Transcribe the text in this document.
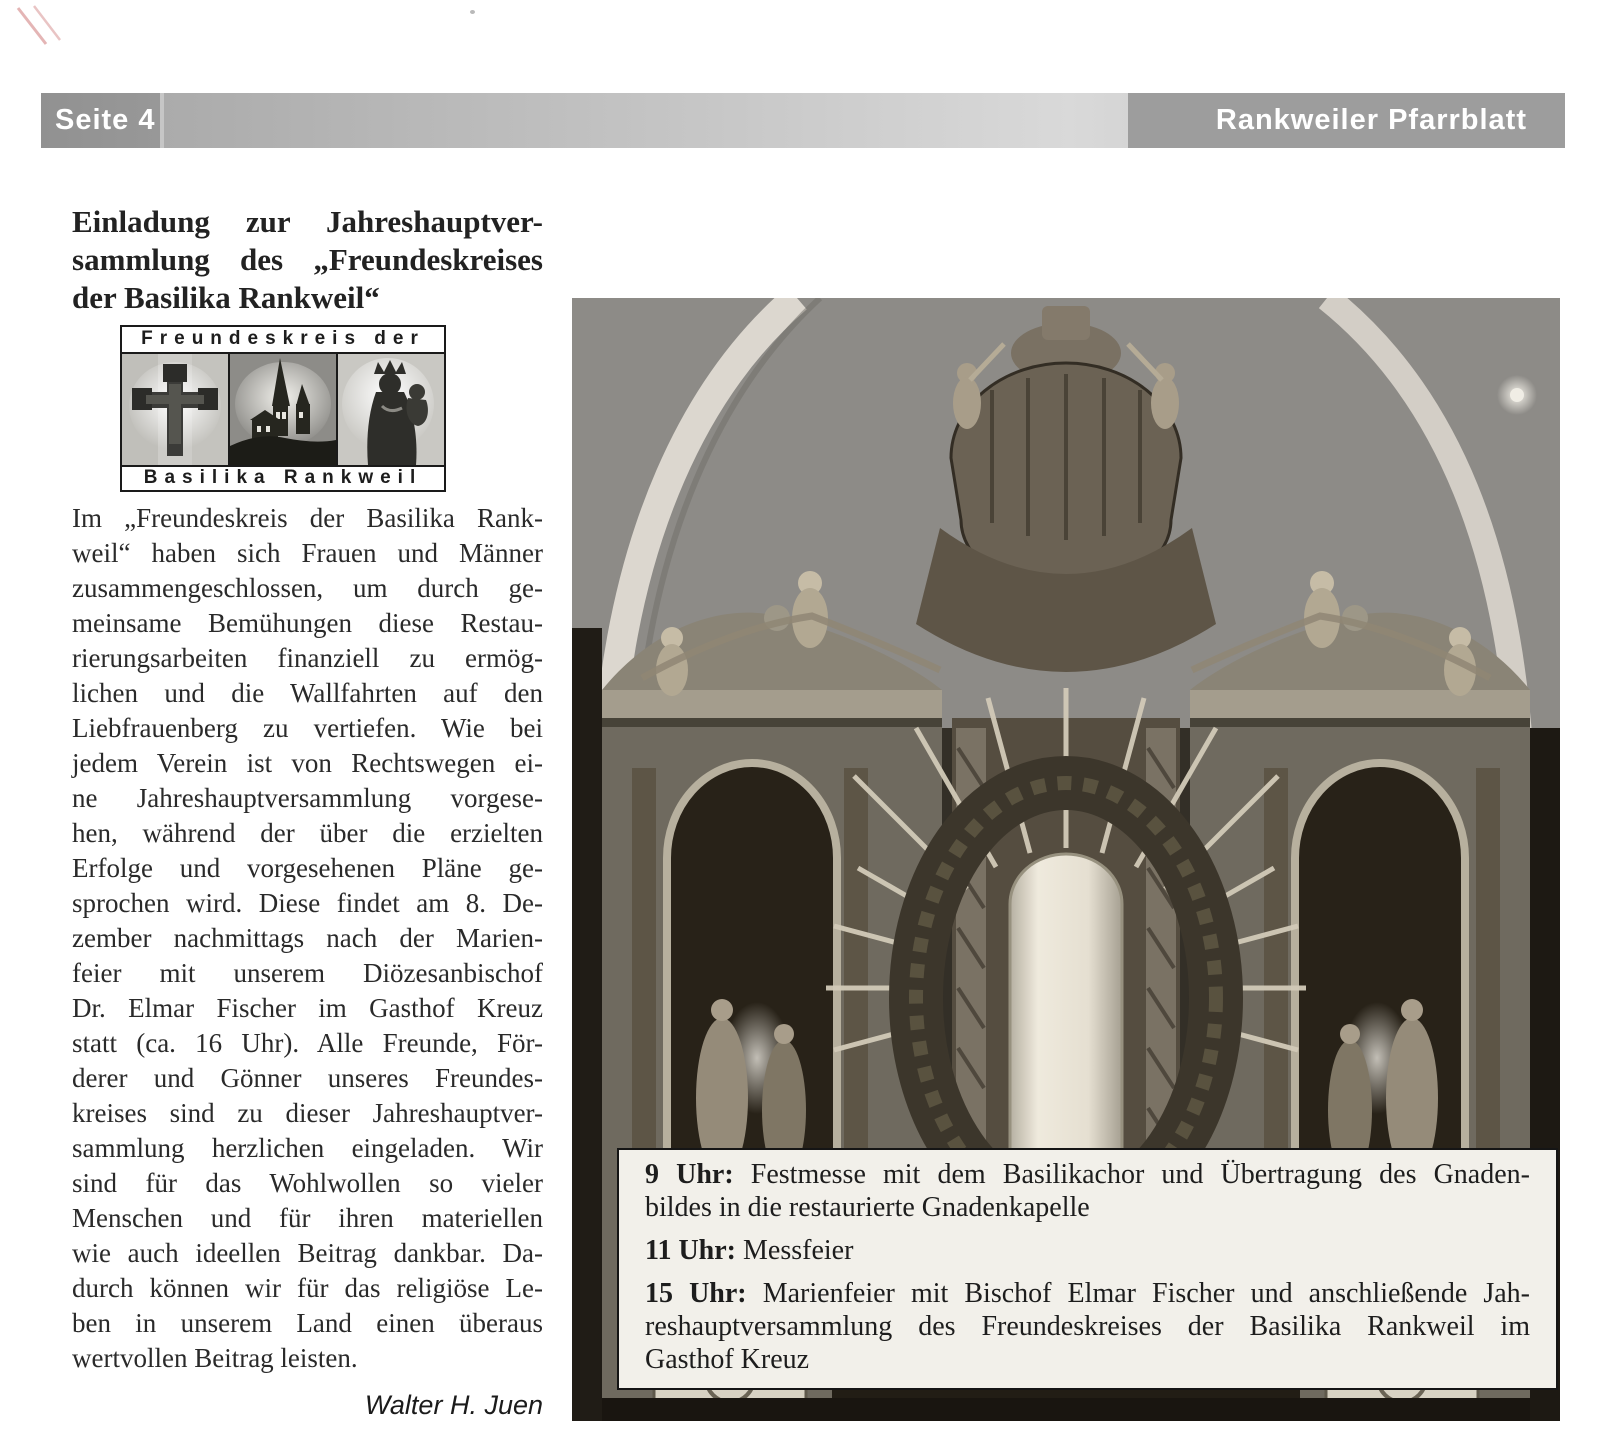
Seite 4	Rankweiler Pfarrblatt
Einladung zur Jahreshauptver-
sammlung des „Freundeskreises
der Basilika Rankweil“
Freundeskreis der
Basilika Rankweil
Im „Freundeskreis der Basilika Rank-
weil“ haben sich Frauen und Männer
zusammengeschlossen, um durch ge-
meinsame Bemühungen diese Restau-
rierungsarbeiten finanziell zu ermög-
lichen und die Wallfahrten auf den
Liebfrauenberg zu vertiefen. Wie bei
jedem Verein ist von Rechtswegen ei-
ne Jahreshauptversammlung vorgese-
hen, während der über die erzielten
Erfolge und vorgesehenen Pläne ge-
sprochen wird. Diese findet am 8. De-
zember nachmittags nach der Marien-
feier mit unserem Diözesanbischof
Dr. Elmar Fischer im Gasthof Kreuz
statt (ca. 16 Uhr). Alle Freunde, För-
derer und Gönner unseres Freundes-
kreises sind zu dieser Jahreshauptver-
sammlung herzlichen eingeladen. Wir
sind für das Wohlwollen so vieler
Menschen und für ihren materiellen
wie auch ideellen Beitrag dankbar. Da-
durch können wir für das religiöse Le-
ben in unserem Land einen überaus
wertvollen Beitrag leisten.
Walter H. Juen

9 Uhr: Festmesse mit dem Basilikachor und Übertragung des Gnaden-
bildes in die restaurierte Gnadenkapelle

11 Uhr: Messfeier

15 Uhr: Marienfeier mit Bischof Elmar Fischer und anschließende Jah-
reshauptversammlung des Freundeskreises der Basilika Rankweil im
Gasthof Kreuz
